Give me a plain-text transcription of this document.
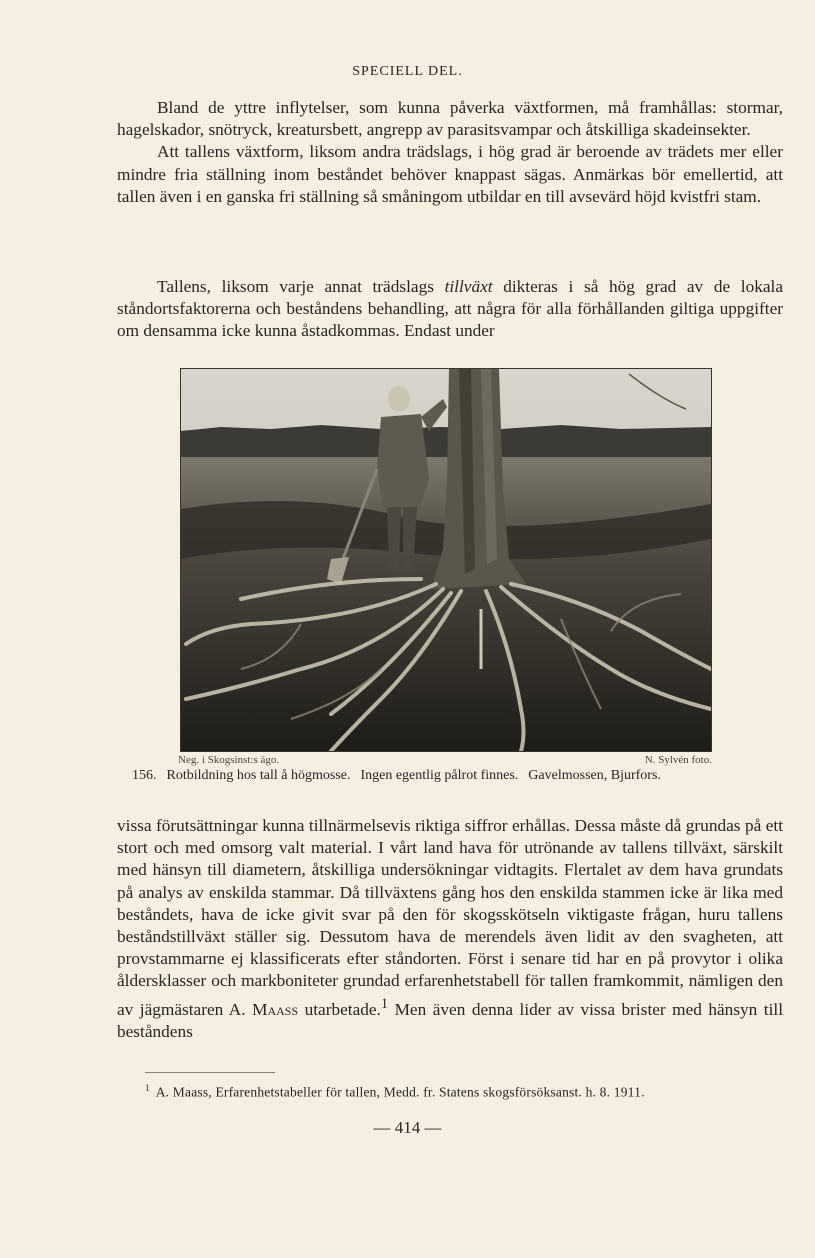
SPECIELL DEL.

Bland de yttre inflytelser, som kunna påverka växtformen, må framhållas: stormar, hagelskador, snötryck, kreatursbett, angrepp av parasitsvampar och åtskilliga skadeinsekter.

Att tallens växtform, liksom andra trädslags, i hög grad är beroende av trädets mer eller mindre fria ställning inom beståndet behöver knappast sägas. Anmärkas bör emellertid, att tallen även i en ganska fri ställning så småningom utbildar en till avsevärd höjd kvistfri stam.

Tallens, liksom varje annat trädslags tillväxt dikteras i så hög grad av de lokala ståndortsfaktorerna och beståndens behandling, att några för alla förhållanden giltiga uppgifter om densamma icke kunna åstadkommas. Endast under

Neg. i Skogsinst:s ägo.	N. Sylvén foto.
156. Rotbildning hos tall å högmosse. Ingen egentlig pålrot finnes. Gavelmossen, Bjurfors.

vissa förutsättningar kunna tillnärmelsevis riktiga siffror erhållas. Dessa måste då grundas på ett stort och med omsorg valt material. I vårt land hava för utrönande av tallens tillväxt, särskilt med hänsyn till diametern, åtskilliga undersökningar vidtagits. Flertalet av dem hava grundats på analys av enskilda stammar. Då tillväxtens gång hos den enskilda stammen icke är lika med beståndets, hava de icke givit svar på den för skogsskötseln viktigaste frågan, huru tallens beståndstillväxt ställer sig. Dessutom hava de merendels även lidit av den svagheten, att provstammarne ej klassificerats efter ståndorten. Först i senare tid har en på provytor i olika åldersklasser och markboniteter grundad erfarenhetstabell för tallen framkommit, nämligen den av jägmästaren A. Maass utarbetade.$^1$ Men även denna lider av vissa brister med hänsyn till beståndens

$^1$ A. Maass, Erfarenhetstabeller för tallen, Medd. fr. Statens skogsförsöksanst. h. 8. 1911.
— 414 —
